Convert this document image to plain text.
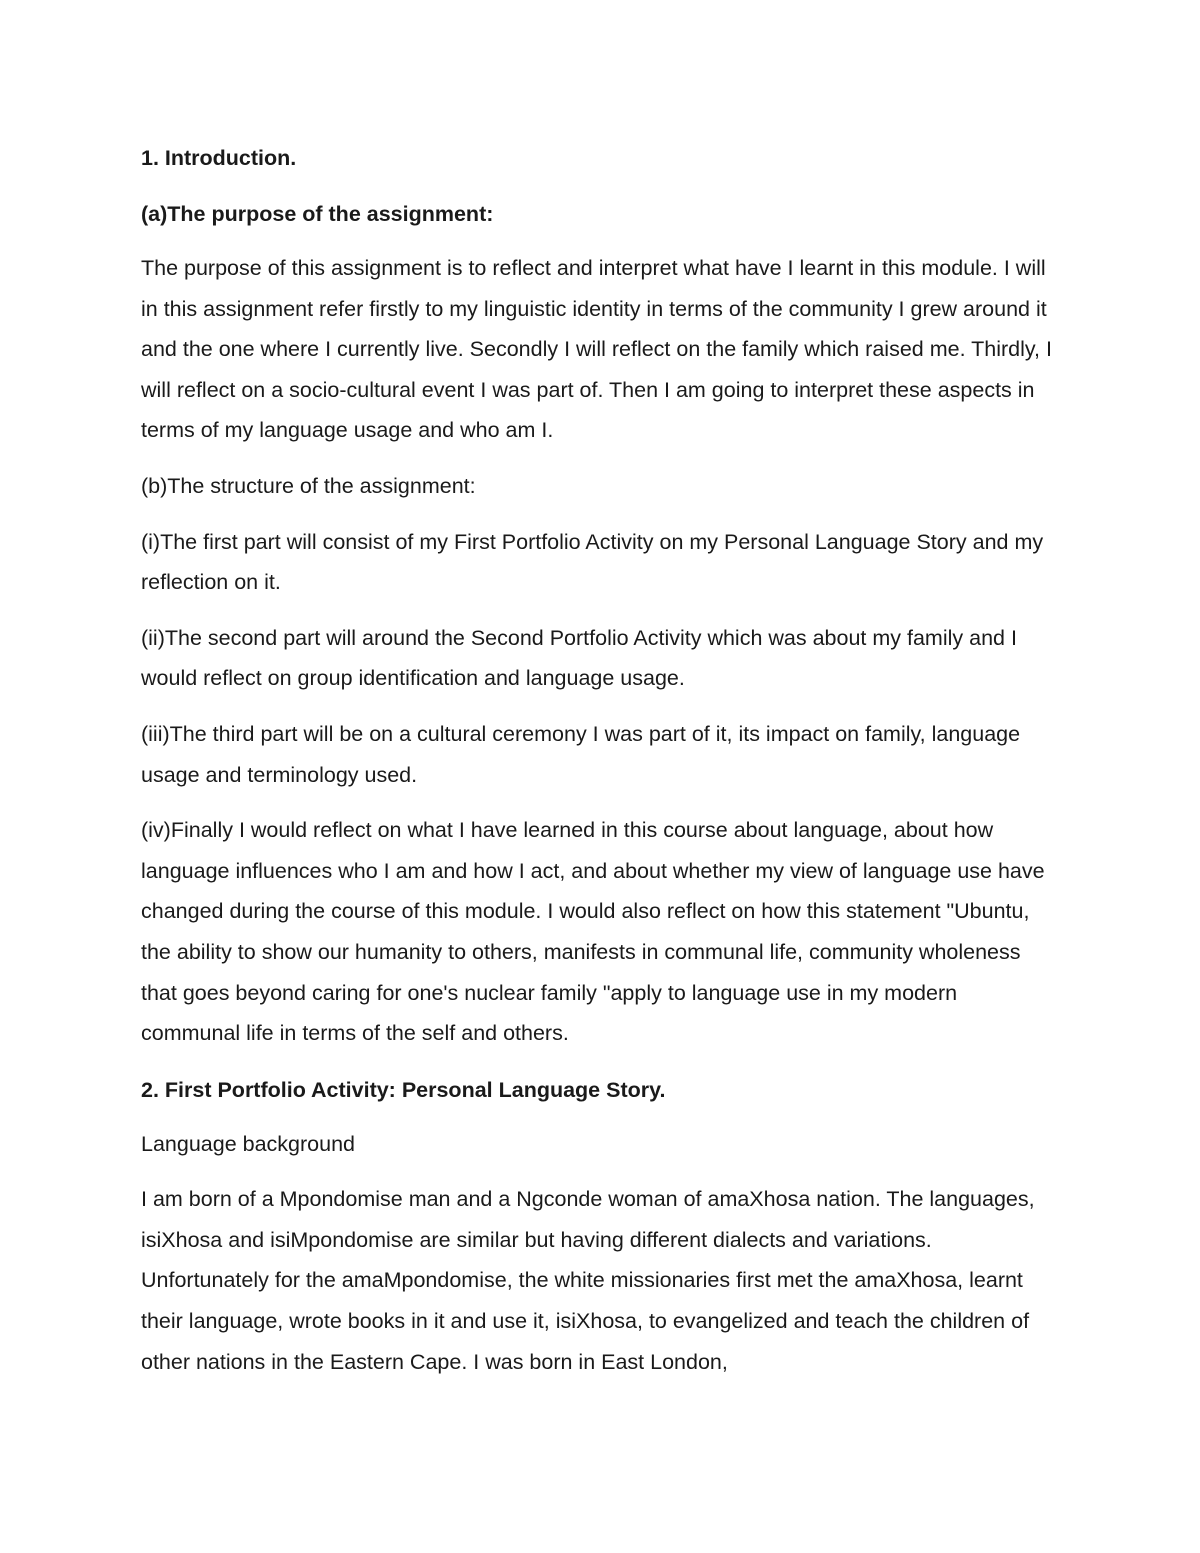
1. Introduction.

(a)The purpose of the assignment:

The purpose of this assignment is to reflect and interpret what have I learnt in this module. I will in this assignment refer firstly to my linguistic identity in terms of the community I grew around it and the one where I currently live. Secondly I will reflect on the family which raised me. Thirdly, I will reflect on a socio-cultural event I was part of. Then I am going to interpret these aspects in terms of my language usage and who am I.

(b)The structure of the assignment:

(i)The first part will consist of my First Portfolio Activity on my Personal Language Story and my reflection on it.

(ii)The second part will around the Second Portfolio Activity which was about my family and I would reflect on group identification and language usage.

(iii)The third part will be on a cultural ceremony I was part of it, its impact on family, language usage and terminology used.

(iv)Finally I would reflect on what I have learned in this course about language, about how language influences who I am and how I act, and about whether my view of language use have changed during the course of this module. I would also reflect on how this statement "Ubuntu, the ability to show our humanity to others, manifests in communal life, community wholeness that goes beyond caring for one's nuclear family "apply to language use in my modern communal life in terms of the self and others.

2. First Portfolio Activity: Personal Language Story.

Language background

I am born of a Mpondomise man and a Ngconde woman of amaXhosa nation. The languages, isiXhosa and isiMpondomise are similar but having different dialects and variations. Unfortunately for the amaMpondomise, the white missionaries first met the amaXhosa, learnt their language, wrote books in it and use it, isiXhosa, to evangelized and teach the children of other nations in the Eastern Cape. I was born in East London,
